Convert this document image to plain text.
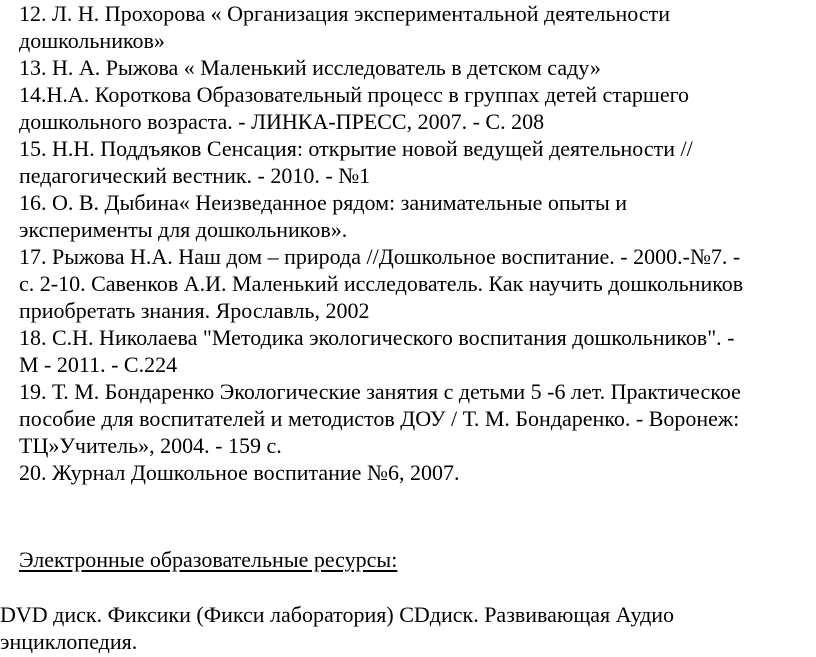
12. Л. Н. Прохорова « Организация экспериментальной деятельности
дошкольников»
13. Н. А. Рыжова « Маленький исследователь в детском саду»
14.Н.А. Короткова Образовательный процесс в группах детей старшего
дошкольного возраста. - ЛИНКА-ПРЕСС, 2007. - С. 208
15. Н.Н. Поддъяков Сенсация: открытие новой ведущей деятельности //
педагогический вестник. - 2010. - №1
16. О. В. Дыбина« Неизведанное рядом: занимательные опыты и
эксперименты для дошкольников».
17. Рыжова Н.А. Наш дом – природа //Дошкольное воспитание. - 2000.-№7. -
с. 2-10. Савенков А.И. Маленький исследователь. Как научить дошкольников
приобретать знания. Ярославль, 2002
18. С.Н. Николаева "Методика экологического воспитания дошкольников". -
М - 2011. - С.224
19. Т. М. Бондаренко Экологические занятия с детьми 5 -6 лет. Практическое
пособие для воспитателей и методистов ДОУ / Т. М. Бондаренко. - Воронеж:
ТЦ»Учитель», 2004. - 159 с.
20. Журнал Дошкольное воспитание №6, 2007.

Электронные образовательные ресурсы:

DVD диск. Фиксики (Фикси лаборатория) CDдиск. Развивающая Аудио
энциклопедия.
